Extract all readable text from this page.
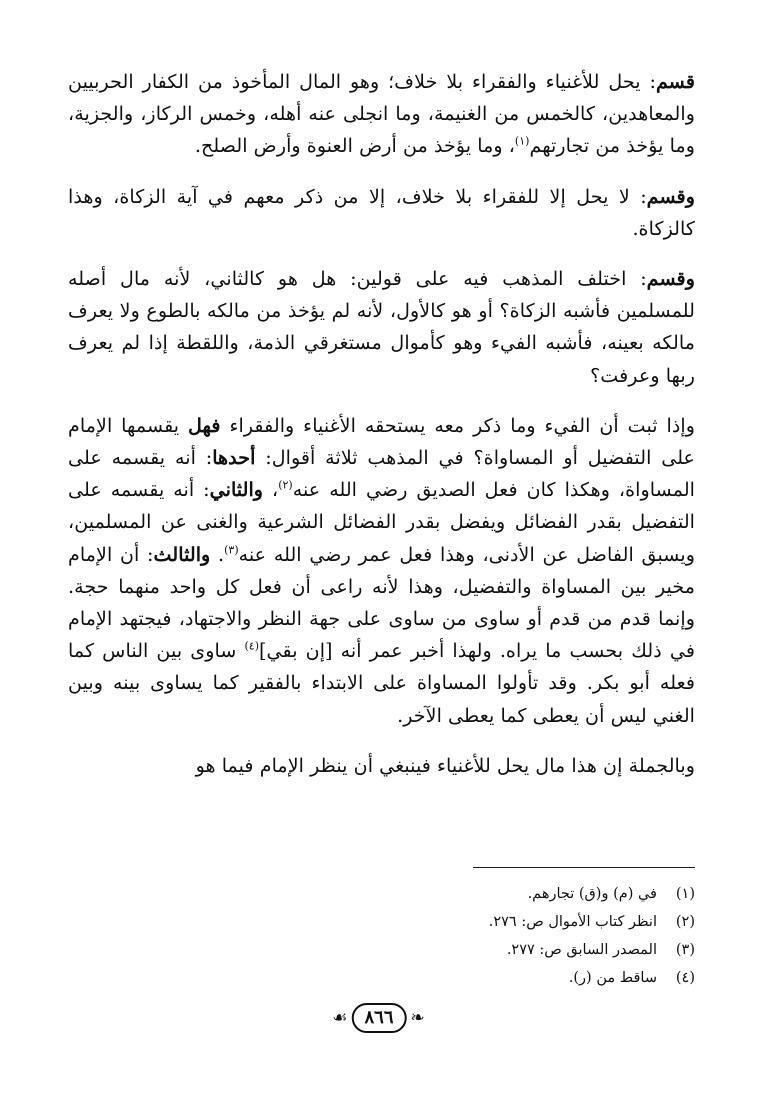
قسم: يحل للأغنياء والفقراء بلا خلاف؛ وهو المال المأخوذ من الكفار الحربيين والمعاهدين، كالخمس من الغنيمة، وما انجلى عنه أهله، وخمس الركاز، والجزية، وما يؤخذ من تجارتهم$^{(١)}$، وما يؤخذ من أرض العنوة وأرض الصلح.

وقسم: لا يحل إلا للفقراء بلا خلاف، إلا من ذكر معهم في آية الزكاة، وهذا كالزكاة.

وقسم: اختلف المذهب فيه على قولين: هل هو كالثاني، لأنه مال أصله للمسلمين فأشبه الزكاة؟ أو هو كالأول، لأنه لم يؤخذ من مالكه بالطوع ولا يعرف مالكه بعينه، فأشبه الفيء وهو كأموال مستغرقي الذمة، واللقطة إذا لم يعرف ربها وعرفت؟

وإذا ثبت أن الفيء وما ذكر معه يستحقه الأغنياء والفقراء فهل يقسمها الإمام على التفضيل أو المساواة؟ في المذهب ثلاثة أقوال: أحدها: أنه يقسمه على المساواة، وهكذا كان فعل الصديق رضي الله عنه$^{(٢)}$، والثاني: أنه يقسمه على التفضيل بقدر الفضائل ويفضل بقدر الفضائل الشرعية والغنى عن المسلمين، ويسبق الفاضل عن الأدنى، وهذا فعل عمر رضي الله عنه$^{(٣)}$. والثالث: أن الإمام مخير بين المساواة والتفضيل، وهذا لأنه راعى أن فعل كل واحد منهما حجة. وإنما قدم من قدم أو ساوى من ساوى على جهة النظر والاجتهاد، فيجتهد الإمام في ذلك بحسب ما يراه. ولهذا أخبر عمر أنه [إن بقي]$^{(٤)}$ ساوى بين الناس كما فعله أبو بكر. وقد تأولوا المساواة على الابتداء بالفقير كما يساوى بينه وبين الغني ليس أن يعطى كما يعطى الآخر.

وبالجملة إن هذا مال يحل للأغنياء فينبغي أن ينظر الإمام فيما هو

(١)
في (م) و(ق) تجارهم.
(٢)
انظر كتاب الأموال ص: ٢٧٦.
(٣)
المصدر السابق ص: ٢٧٧.
(٤)
ساقط من (ر).
❧
٨٦٦
☙
